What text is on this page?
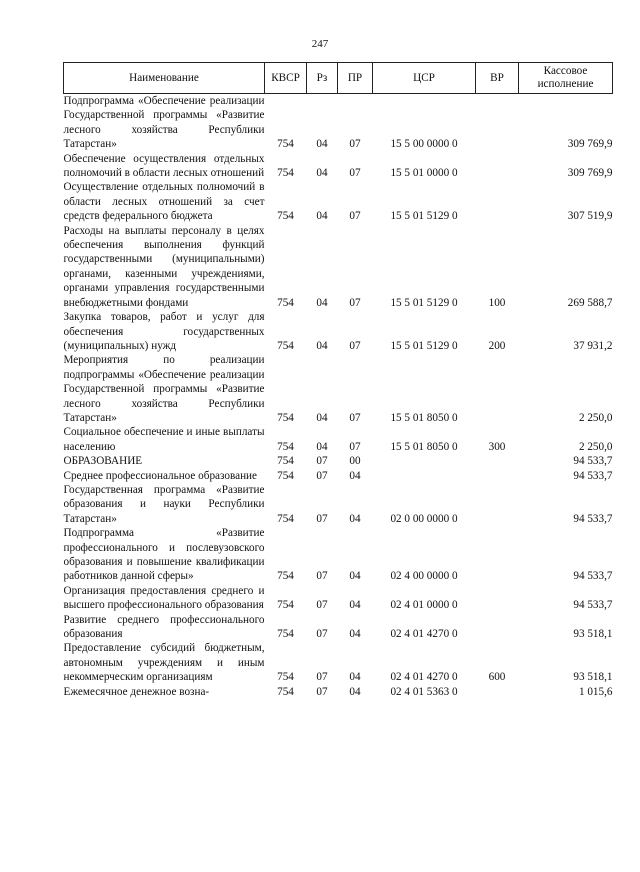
247
Наименование	КВСР	Рз	ПР	ЦСР	ВР	Кассовое исполнение
Подпрограмма «Обеспечение реализации Государственной программы «Развитие лесного хозяйства Республики Татарстан»	754	04	07	15 5 00 0000 0		309 769,9
Обеспечение осуществления отдельных полномочий в области лесных отношений	754	04	07	15 5 01 0000 0		309 769,9
Осуществление отдельных полномочий в области лесных отношений за счет средств федерального бюджета	754	04	07	15 5 01 5129 0		307 519,9
Расходы на выплаты персоналу в целях обеспечения выполнения функций государственными (муниципальными) органами, казенными учреждениями, органами управления государственными внебюджетными фондами	754	04	07	15 5 01 5129 0	100	269 588,7
Закупка товаров, работ и услуг для обеспечения государственных (муниципальных) нужд	754	04	07	15 5 01 5129 0	200	37 931,2
Мероприятия по реализации подпрограммы «Обеспечение реализации Государственной программы «Развитие лесного хозяйства Республики Татарстан»	754	04	07	15 5 01 8050 0		2 250,0
Социальное обеспечение и иные выплаты населению	754	04	07	15 5 01 8050 0	300	2 250,0
ОБРАЗОВАНИЕ	754	07	00			94 533,7
Среднее профессиональное образование	754	07	04			94 533,7
Государственная программа «Развитие образования и науки Республики Татарстан»	754	07	04	02 0 00 0000 0		94 533,7
Подпрограмма «Развитие профессионального и послевузовского образования и повышение квалификации работников данной сферы»	754	07	04	02 4 00 0000 0		94 533,7
Организация предоставления среднего и высшего профессионального образования	754	07	04	02 4 01 0000 0		94 533,7
Развитие среднего профессионального образования	754	07	04	02 4 01 4270 0		93 518,1
Предоставление субсидий бюджетным, автономным учреждениям и иным некоммерческим организациям	754	07	04	02 4 01 4270 0	600	93 518,1
Ежемесячное денежное возна-	754	07	04	02 4 01 5363 0		1 015,6
